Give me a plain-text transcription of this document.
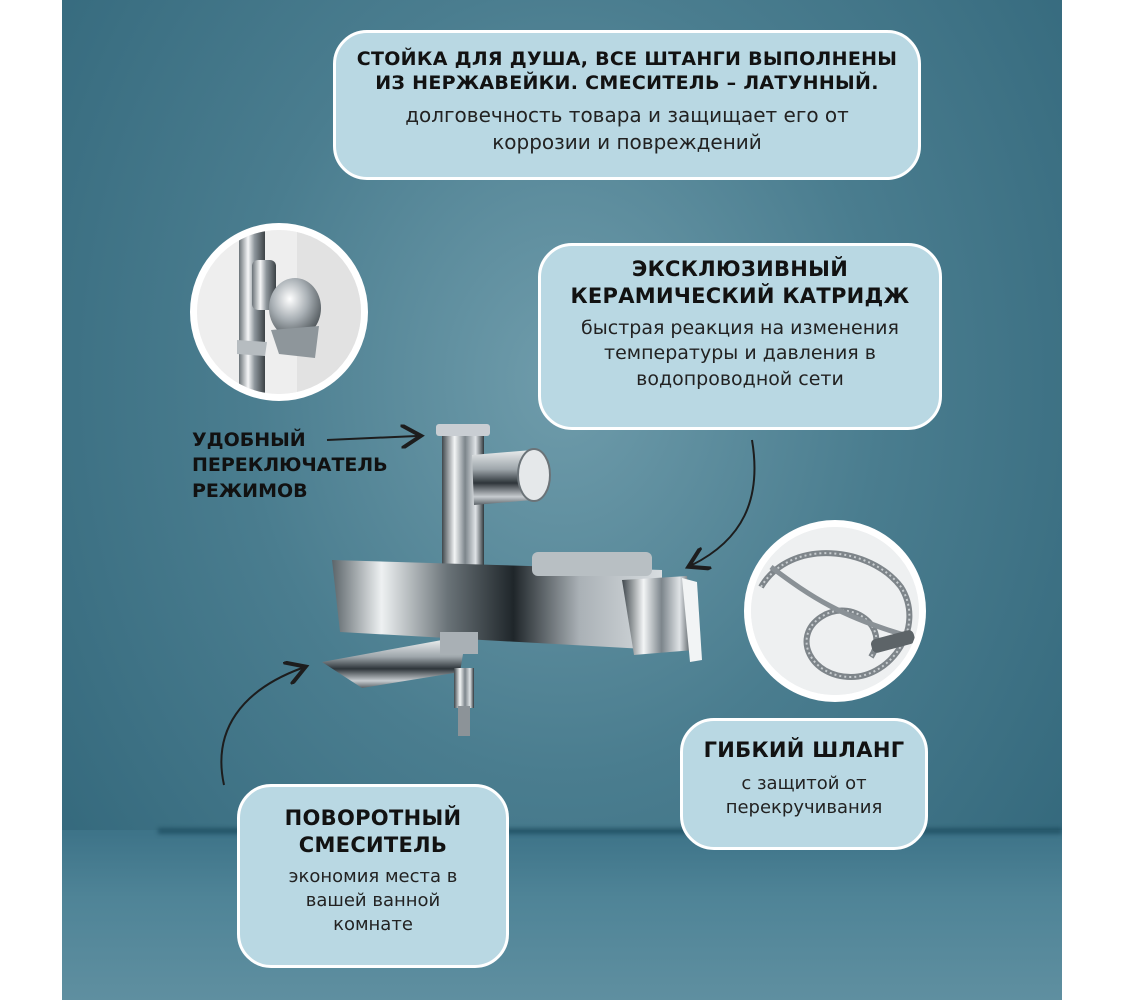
СТОЙКА ДЛЯ ДУША, ВСЕ ШТАНГИ ВЫПОЛНЕНЫ
ИЗ НЕРЖАВЕЙКИ. СМЕСИТЕЛЬ – ЛАТУННЫЙ.
долговечность товара и защищает его от
коррозии и повреждений
ЭКСКЛЮЗИВНЫЙ
КЕРАМИЧЕСКИЙ КАТРИДЖ
быстрая реакция на изменения
температуры и давления в
водопроводной сети
ГИБКИЙ ШЛАНГ
с защитой от
перекручивания
ПОВОРОТНЫЙ
СМЕСИТЕЛЬ
экономия места в
вашей ванной
комнате
УДОБНЫЙ
ПЕРЕКЛЮЧАТЕЛЬ
РЕЖИМОВ
